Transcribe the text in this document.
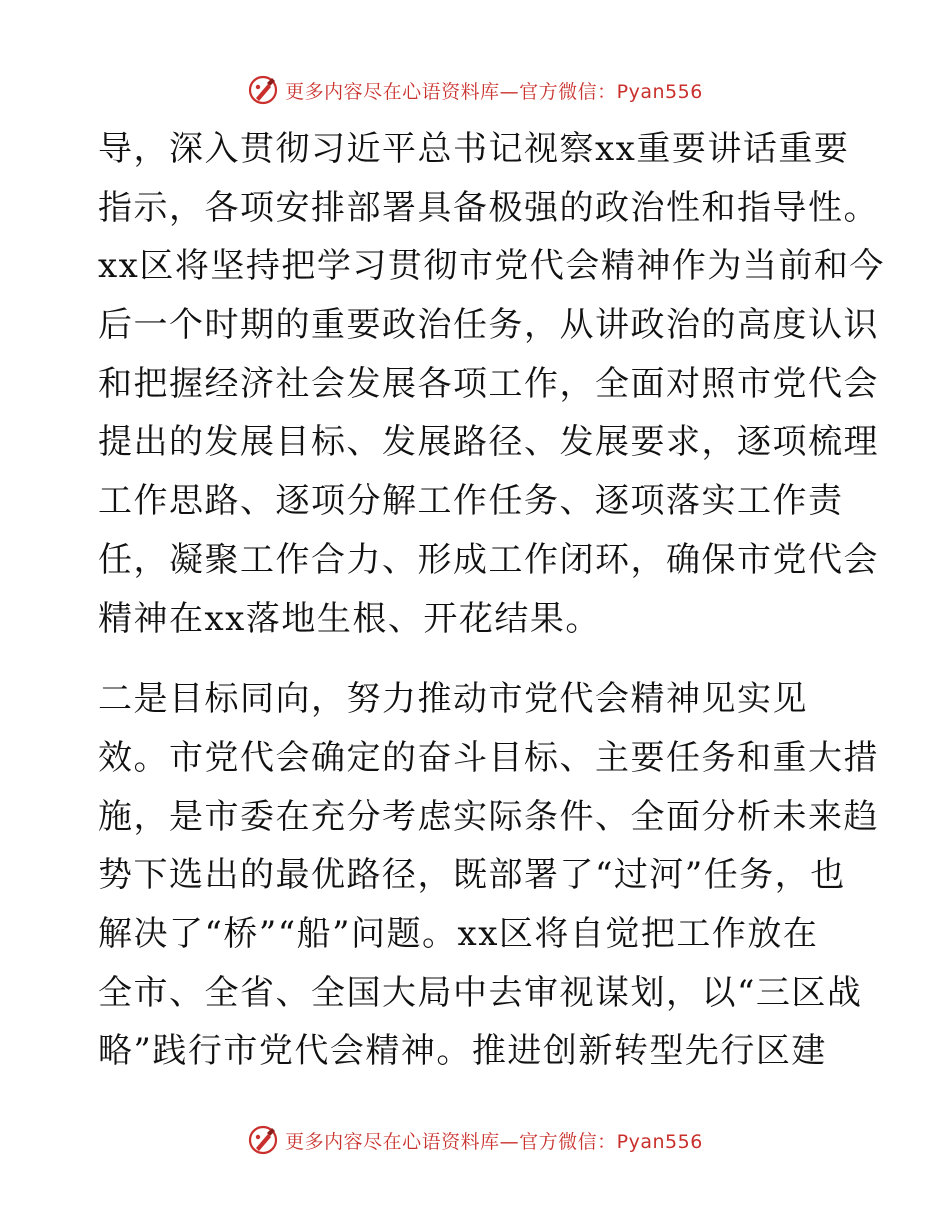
更多内容尽在心语资料库—官方微信：Pyan556
导，深入贯彻习近平总书记视察xx重要讲话重要
指示，各项安排部署具备极强的政治性和指导性。
xx区将坚持把学习贯彻市党代会精神作为当前和今
后一个时期的重要政治任务，从讲政治的高度认识
和把握经济社会发展各项工作，全面对照市党代会
提出的发展目标、发展路径、发展要求，逐项梳理
工作思路、逐项分解工作任务、逐项落实工作责
任，凝聚工作合力、形成工作闭环，确保市党代会
精神在xx落地生根、开花结果。
二是目标同向，努力推动市党代会精神见实见
效。市党代会确定的奋斗目标、主要任务和重大措
施，是市委在充分考虑实际条件、全面分析未来趋
势下选出的最优路径，既部署了“过河”任务，也
解决了“桥”“船”问题。xx区将自觉把工作放在
全市、全省、全国大局中去审视谋划，以“三区战
略”践行市党代会精神。推进创新转型先行区建
更多内容尽在心语资料库—官方微信：Pyan556
